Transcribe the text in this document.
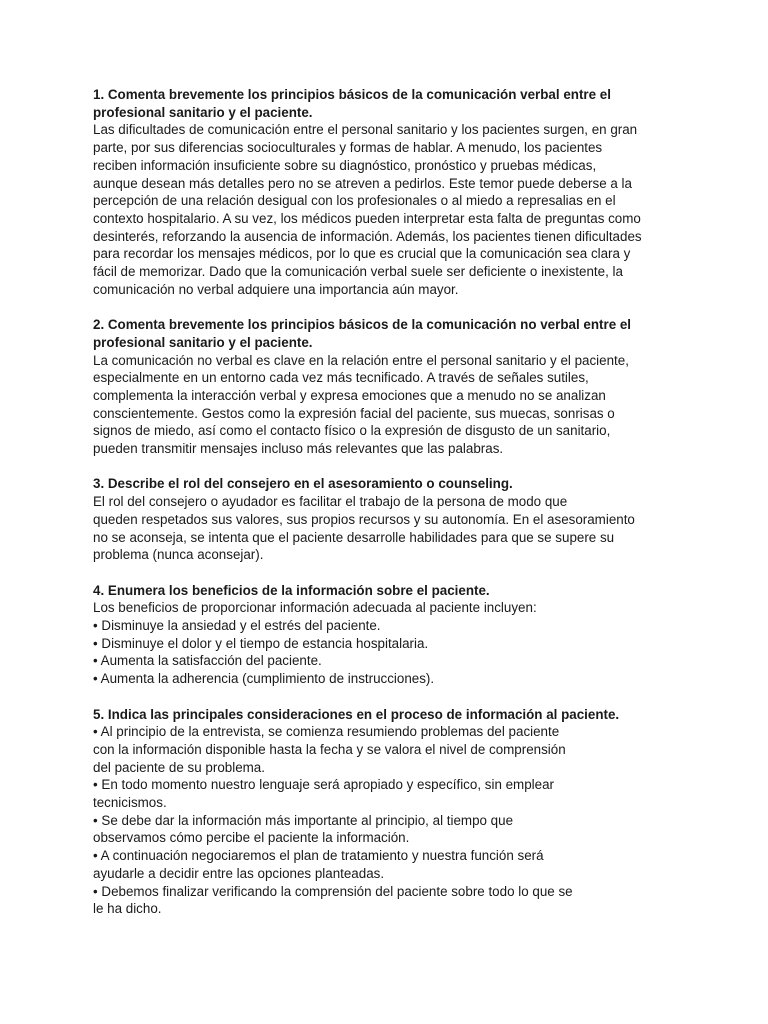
1. Comenta brevemente los principios básicos de la comunicación verbal entre el
profesional sanitario y el paciente.

Las dificultades de comunicación entre el personal sanitario y los pacientes surgen, en gran
parte, por sus diferencias socioculturales y formas de hablar. A menudo, los pacientes
reciben información insuficiente sobre su diagnóstico, pronóstico y pruebas médicas,
aunque desean más detalles pero no se atreven a pedirlos. Este temor puede deberse a la
percepción de una relación desigual con los profesionales o al miedo a represalias en el
contexto hospitalario. A su vez, los médicos pueden interpretar esta falta de preguntas como
desinterés, reforzando la ausencia de información. Además, los pacientes tienen dificultades
para recordar los mensajes médicos, por lo que es crucial que la comunicación sea clara y
fácil de memorizar. Dado que la comunicación verbal suele ser deficiente o inexistente, la
comunicación no verbal adquiere una importancia aún mayor.

2. Comenta brevemente los principios básicos de la comunicación no verbal entre el
profesional sanitario y el paciente.

La comunicación no verbal es clave en la relación entre el personal sanitario y el paciente,
especialmente en un entorno cada vez más tecnificado. A través de señales sutiles,
complementa la interacción verbal y expresa emociones que a menudo no se analizan
conscientemente. Gestos como la expresión facial del paciente, sus muecas, sonrisas o
signos de miedo, así como el contacto físico o la expresión de disgusto de un sanitario,
pueden transmitir mensajes incluso más relevantes que las palabras.

3. Describe el rol del consejero en el asesoramiento o counseling.

El rol del consejero o ayudador es facilitar el trabajo de la persona de modo que
queden respetados sus valores, sus propios recursos y su autonomía. En el asesoramiento
no se aconseja, se intenta que el paciente desarrolle habilidades para que se supere su
problema (nunca aconsejar).

4. Enumera los beneficios de la información sobre el paciente.

Los beneficios de proporcionar información adecuada al paciente incluyen:
• Disminuye la ansiedad y el estrés del paciente.
• Disminuye el dolor y el tiempo de estancia hospitalaria.
• Aumenta la satisfacción del paciente.
• Aumenta la adherencia (cumplimiento de instrucciones).

5. Indica las principales consideraciones en el proceso de información al paciente.

• Al principio de la entrevista, se comienza resumiendo problemas del paciente
con la información disponible hasta la fecha y se valora el nivel de comprensión
del paciente de su problema.
• En todo momento nuestro lenguaje será apropiado y específico, sin emplear
tecnicismos.
• Se debe dar la información más importante al principio, al tiempo que
observamos cómo percibe el paciente la información.
• A continuación negociaremos el plan de tratamiento y nuestra función será
ayudarle a decidir entre las opciones planteadas.
• Debemos finalizar verificando la comprensión del paciente sobre todo lo que se
le ha dicho.
